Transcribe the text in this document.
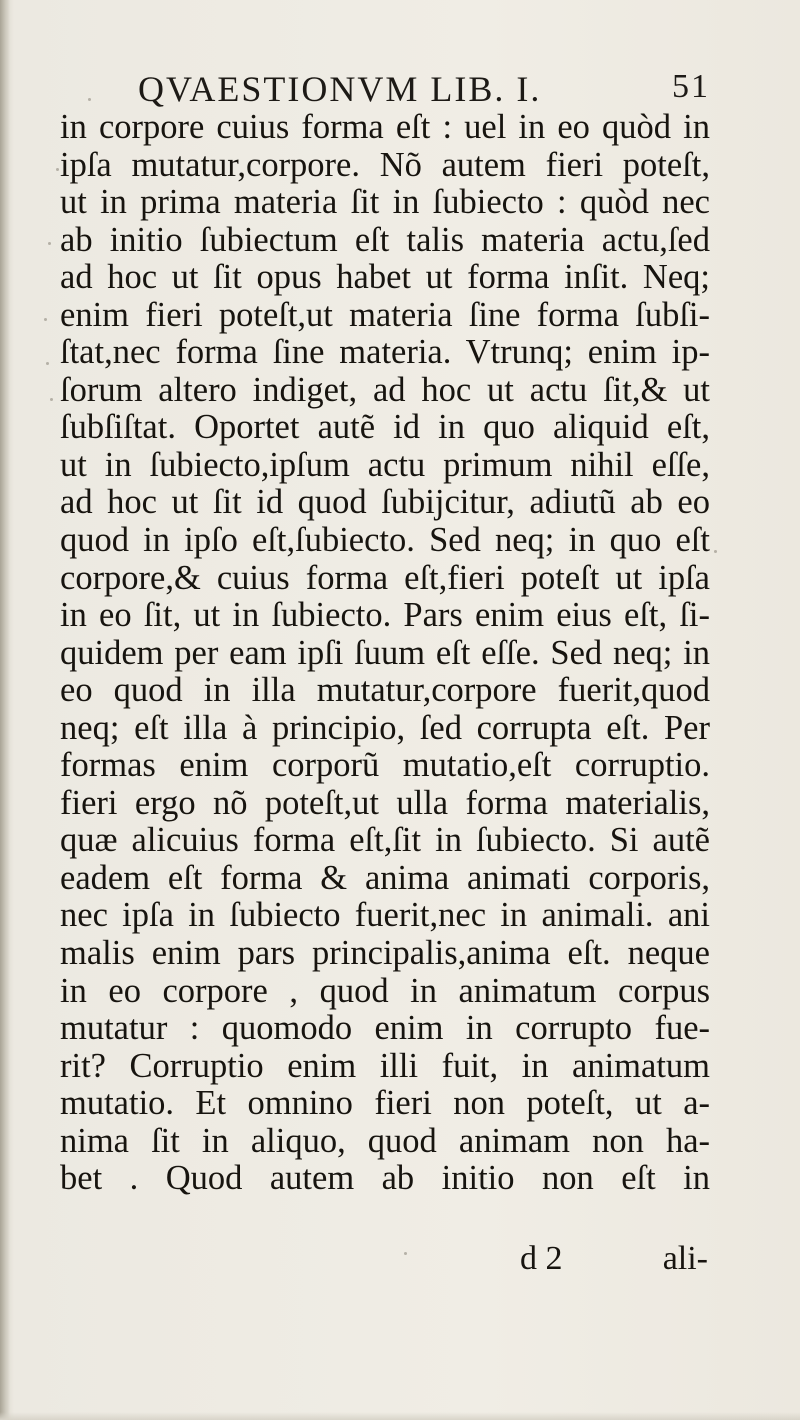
QVAESTIONVM LIB. I.	51
in corpore cuius forma eſt : uel in eo quòd in
ipſa mutatur,corpore. Nõ autem fieri poteſt,
ut in prima materia ſit in ſubiecto : quòd nec
ab initio ſubiectum eſt talis materia actu,ſed
ad hoc ut ſit opus habet ut forma inſit. Neq;
enim fieri poteſt,ut materia ſine forma ſubſi-
ſtat,nec forma ſine materia. Vtrunq; enim ip-
ſorum altero indiget, ad hoc ut actu ſit,& ut
ſubſiſtat. Oportet autẽ id in quo aliquid eſt,
ut in ſubiecto,ipſum actu primum nihil eſſe,
ad hoc ut ſit id quod ſubijcitur, adiutũ ab eo
quod in ipſo eſt,ſubiecto. Sed neq; in quo eſt
corpore,& cuius forma eſt,fieri poteſt ut ipſa
in eo ſit, ut in ſubiecto. Pars enim eius eſt, ſi-
quidem per eam ipſi ſuum eſt eſſe. Sed neq; in
eo quod in illa mutatur,corpore fuerit,quod
neq; eſt illa à principio, ſed corrupta eſt. Per
formas enim corporũ mutatio,eſt corruptio.
fieri ergo nõ poteſt,ut ulla forma materialis,
quæ alicuius forma eſt,ſit in ſubiecto. Si autẽ
eadem eſt forma & anima animati corporis,
nec ipſa in ſubiecto fuerit,nec in animali. ani
malis enim pars principalis,anima eſt. neque
in eo corpore , quod in animatum corpus
mutatur : quomodo enim in corrupto fue-
rit? Corruptio enim illi fuit, in animatum
mutatio. Et omnino fieri non poteſt, ut a-
nima ſit in aliquo, quod animam non ha-
bet . Quod autem ab initio non eſt in
d 2	ali-
